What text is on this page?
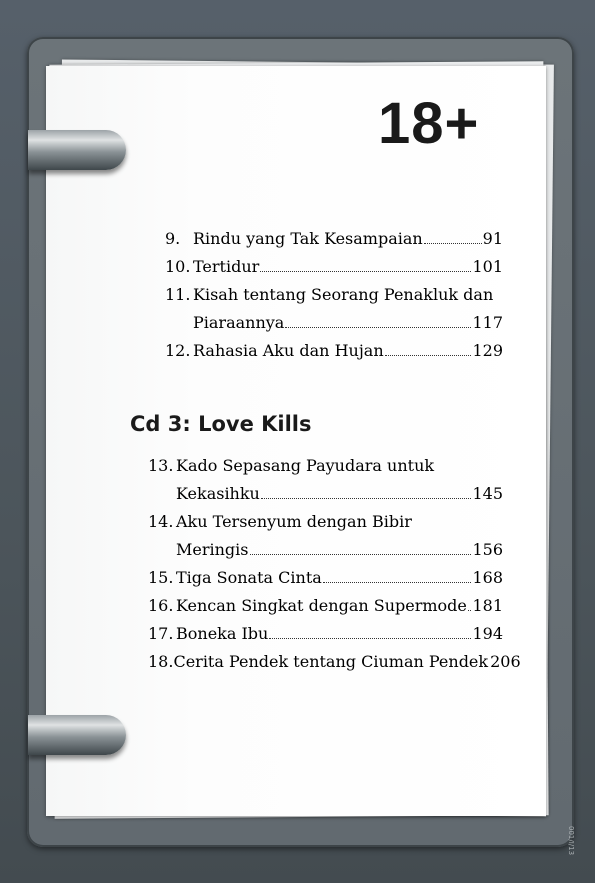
18+
9. Rindu yang Tak Kesampaian	91
10. Tertidur	101
11. Kisah tentang Seorang Penakluk dan
Piaraannya	117
12. Rahasia Aku dan Hujan	129
Cd 3: Love Kills
13. Kado Sepasang Payudara untuk
Kekasihku	145
14. Aku Tersenyum dengan Bibir
Meringis	156
15. Tiga Sonata Cinta	168
16. Kencan Singkat dengan Supermode 181
17. Boneka Ibu	194
18. Cerita Pendek tentang Ciuman Pendek 206
001/I/13
